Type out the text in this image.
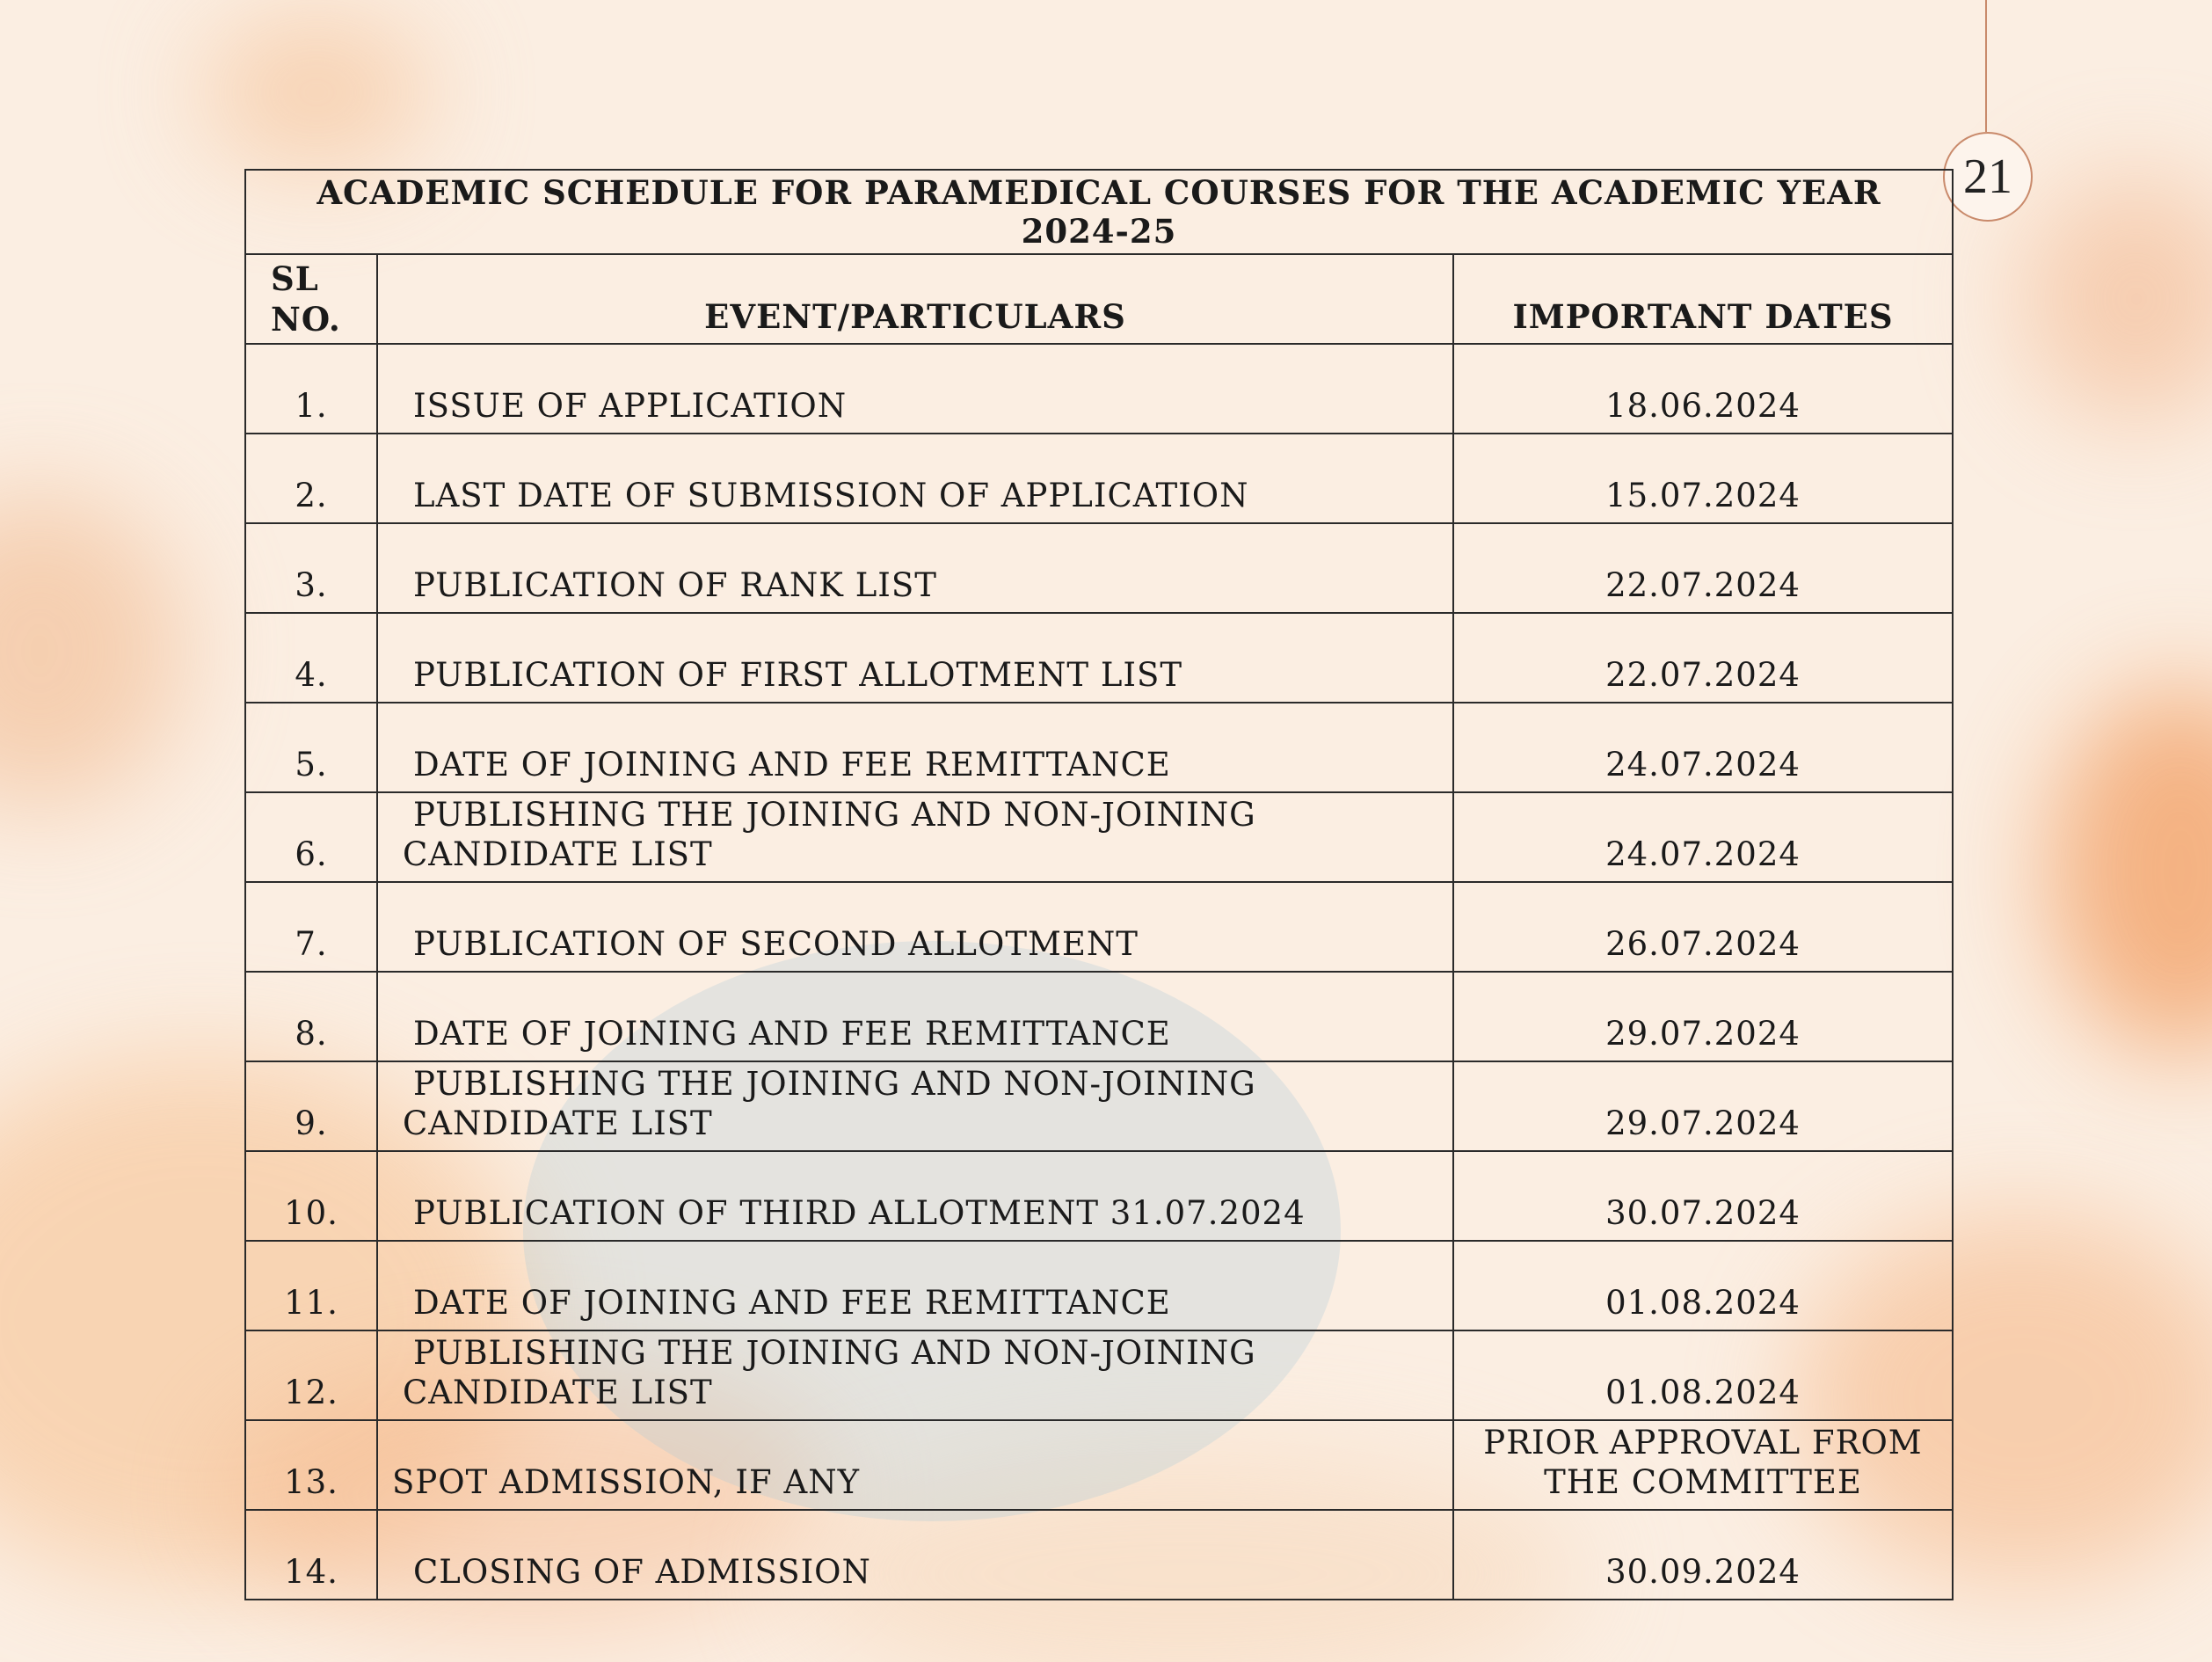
21
ACADEMIC SCHEDULE FOR PARAMEDICAL COURSES FOR THE ACADEMIC YEAR
2024-25		

SL
NO.	EVENT/PARTICULARS	IMPORTANT DATES
1.	ISSUE OF APPLICATION	18.06.2024
2.	LAST DATE OF SUBMISSION OF APPLICATION	15.07.2024
3.	PUBLICATION OF RANK LIST	22.07.2024
4.	PUBLICATION OF FIRST ALLOTMENT LIST	22.07.2024
5.	DATE OF JOINING AND FEE REMITTANCE	24.07.2024
6.	PUBLISHING THE JOINING AND NON-JOINING
CANDIDATE LIST	24.07.2024
7.	PUBLICATION OF SECOND ALLOTMENT	26.07.2024
8.	DATE OF JOINING AND FEE REMITTANCE	29.07.2024
9.	PUBLISHING THE JOINING AND NON-JOINING
CANDIDATE LIST	29.07.2024
10.	PUBLICATION OF THIRD ALLOTMENT 31.07.2024	30.07.2024
11.	DATE OF JOINING AND FEE REMITTANCE	01.08.2024
12.	PUBLISHING THE JOINING AND NON-JOINING
CANDIDATE LIST	01.08.2024
13.	SPOT ADMISSION, IF ANY	PRIOR APPROVAL FROM
THE COMMITTEE

14.	CLOSING OF ADMISSION	30.09.2024
